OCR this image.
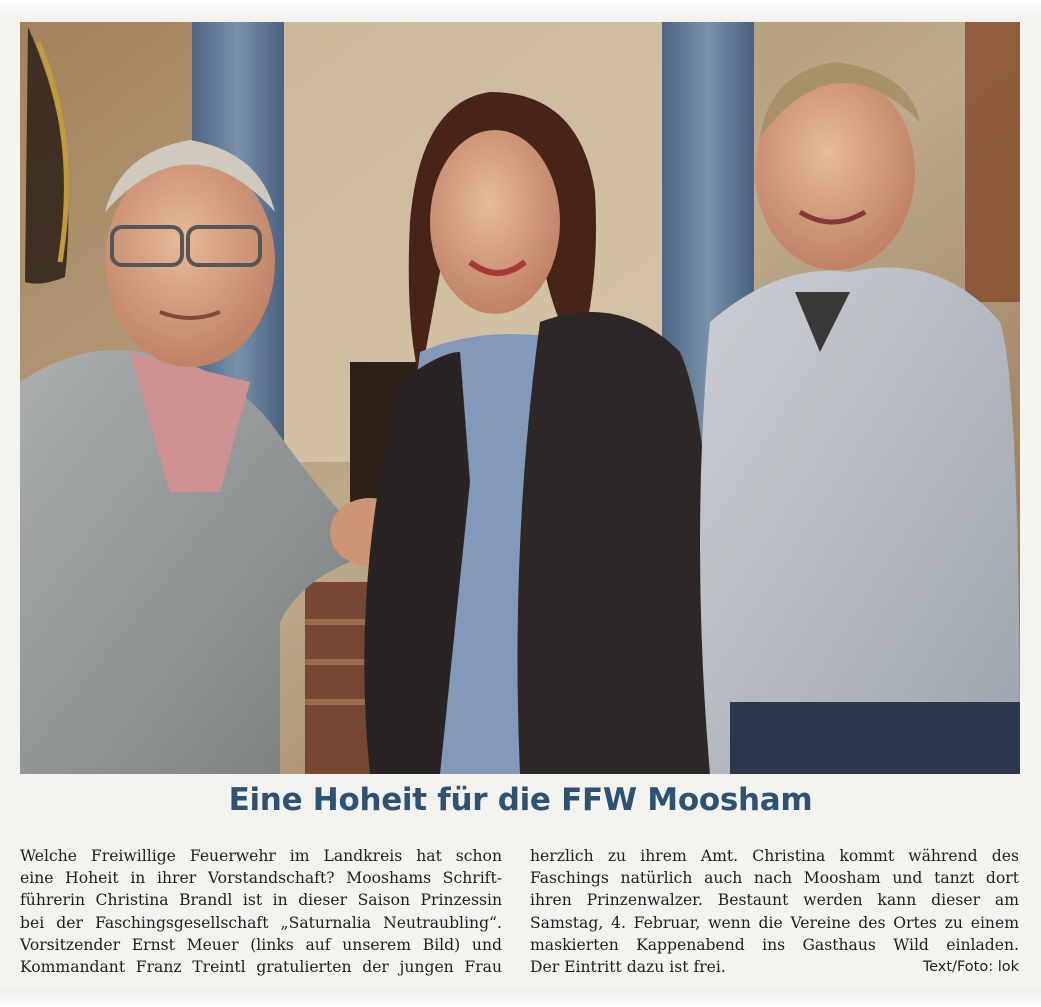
Eine Hoheit für die FFW Moosham
Welche Freiwillige Feuerwehr im Landkreis hat schon
eine Hoheit in ihrer Vorstandschaft? Mooshams Schrift-
führerin Christina Brandl ist in dieser Saison Prinzessin
bei der Faschingsgesellschaft „Saturnalia Neutraubling“.
Vorsitzender Ernst Meuer (links auf unserem Bild) und
Kommandant Franz Treintl gratulierten der jungen Frau
herzlich zu ihrem Amt. Christina kommt während des
Faschings natürlich auch nach Moosham und tanzt dort
ihren Prinzenwalzer. Bestaunt werden kann dieser am
Samstag, 4. Februar, wenn die Vereine des Ortes zu einem
maskierten Kappenabend ins Gasthaus Wild einladen.
Der Eintritt dazu ist frei.	Text/Foto: lok
